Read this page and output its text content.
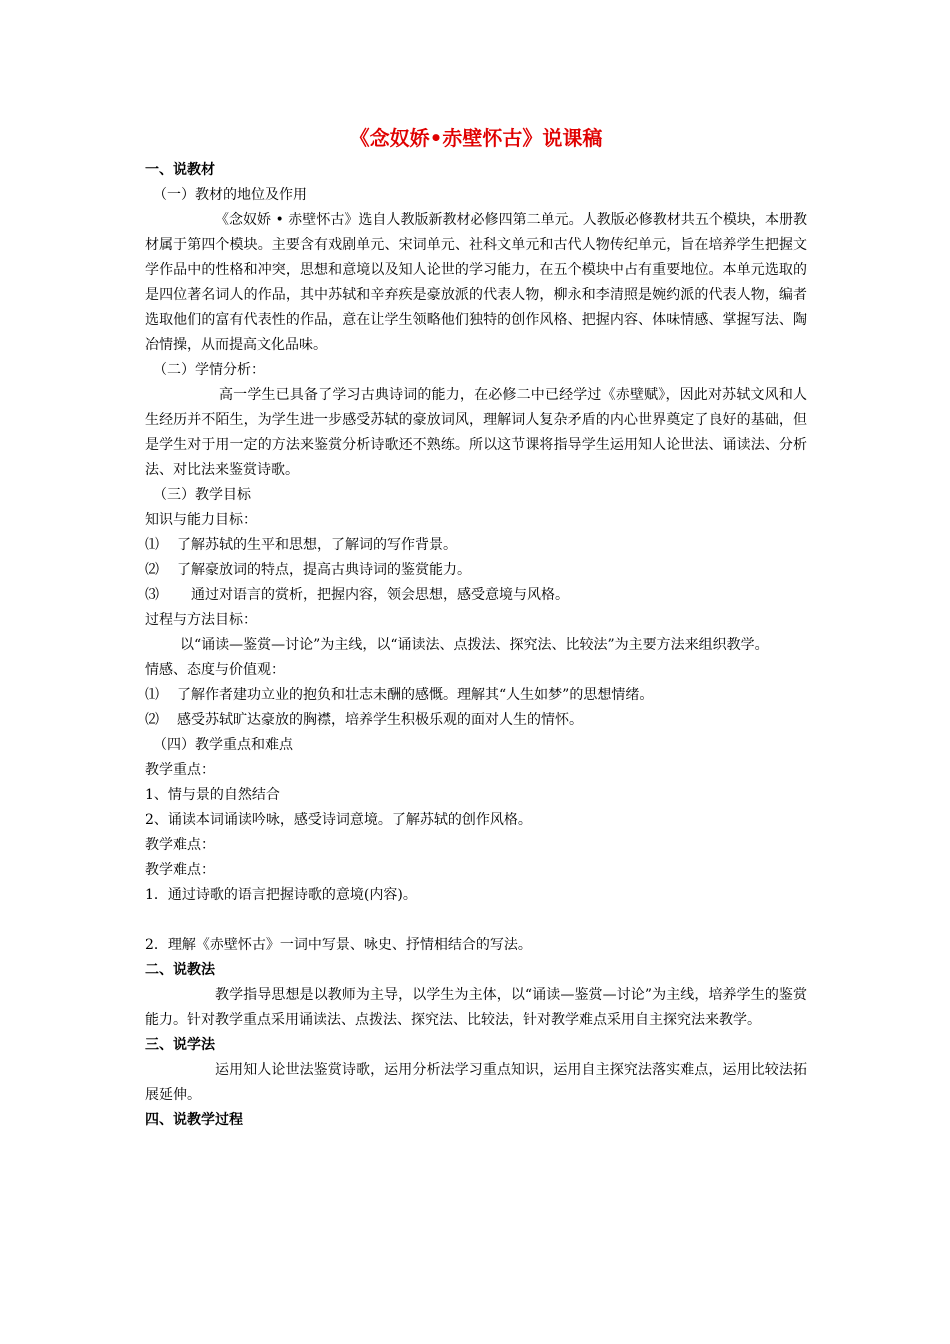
《念奴娇•赤壁怀古》说课稿
一、说教材
（一）教材的地位及作用
《念奴娇 • 赤壁怀古》选自人教版新教材必修四第二单元。人教版必修教材共五个模块，本册教材属于第四个模块。主要含有戏剧单元、宋词单元、社科文单元和古代人物传纪单元，旨在培养学生把握文学作品中的性格和冲突，思想和意境以及知人论世的学习能力，在五个模块中占有重要地位。本单元选取的是四位著名词人的作品，其中苏轼和辛弃疾是豪放派的代表人物，柳永和李清照是婉约派的代表人物，编者选取他们的富有代表性的作品，意在让学生领略他们独特的创作风格、把握内容、体味情感、掌握写法、陶冶情操，从而提高文化品味。
（二）学情分析：
高一学生已具备了学习古典诗词的能力，在必修二中已经学过《赤壁赋》，因此对苏轼文风和人生经历并不陌生，为学生进一步感受苏轼的豪放词风，理解词人复杂矛盾的内心世界奠定了良好的基础，但是学生对于用一定的方法来鉴赏分析诗歌还不熟练。所以这节课将指导学生运用知人论世法、诵读法、分析法、对比法来鉴赏诗歌。
（三）教学目标
知识与能力目标：
⑴ 了解苏轼的生平和思想，了解词的写作背景。
⑵ 了解豪放词的特点，提高古典诗词的鉴赏能力。
⑶ 通过对语言的赏析，把握内容，领会思想，感受意境与风格。
过程与方法目标：
以“诵读—鉴赏—讨论”为主线，以“诵读法、点拨法、探究法、比较法”为主要方法来组织教学。
情感、态度与价值观：
⑴ 了解作者建功立业的抱负和壮志未酬的感慨。理解其“人生如梦”的思想情绪。
⑵ 感受苏轼旷达豪放的胸襟，培养学生积极乐观的面对人生的情怀。
（四）教学重点和难点
教学重点：
1、情与景的自然结合
2、诵读本词诵读吟咏，感受诗词意境。了解苏轼的创作风格。
教学难点：
教学难点：
1．通过诗歌的语言把握诗歌的意境(内容)。
2．理解《赤壁怀古》一词中写景、咏史、抒情相结合的写法。
二、说教法
教学指导思想是以教师为主导，以学生为主体，以“诵读—鉴赏—讨论”为主线，培养学生的鉴赏能力。针对教学重点采用诵读法、点拨法、探究法、比较法，针对教学难点采用自主探究法来教学。
三、说学法
运用知人论世法鉴赏诗歌，运用分析法学习重点知识，运用自主探究法落实难点，运用比较法拓展延伸。
四、说教学过程
